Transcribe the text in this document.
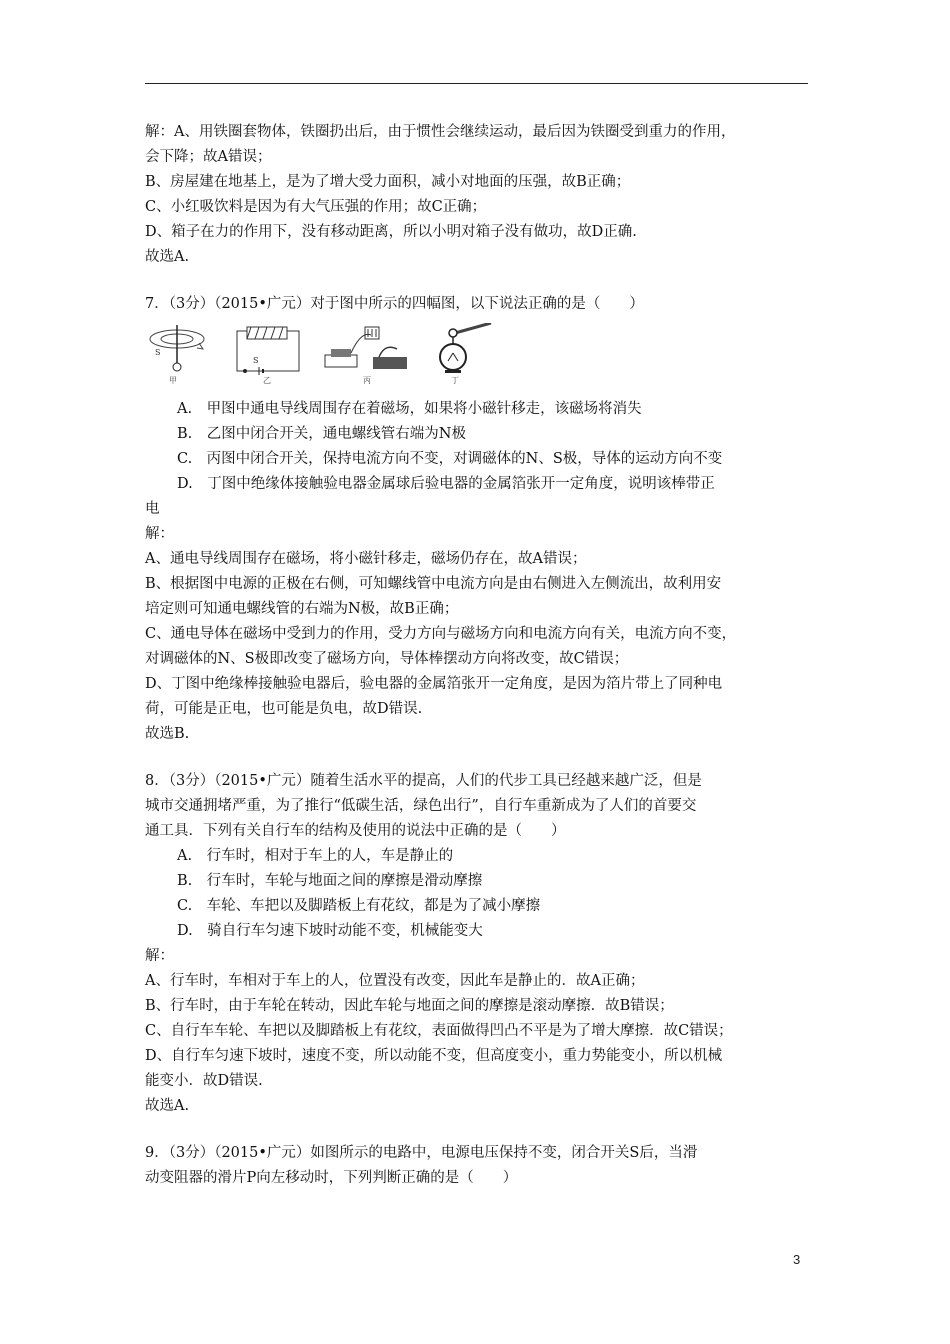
解：A、用铁圈套物体，铁圈扔出后，由于惯性会继续运动，最后因为铁圈受到重力的作用，
会下降；故A错误；
B、房屋建在地基上，是为了增大受力面积，减小对地面的压强，故B正确；
C、小红吸饮料是因为有大气压强的作用；故C正确；
D、箱子在力的作用下，没有移动距离，所以小明对箱子没有做功，故D正确.
故选A.
7．（3分）（2015•广元）对于图中所示的四幅图，以下说法正确的是（　　）
S
甲
S
乙	丙	丁
A.　甲图中通电导线周围存在着磁场，如果将小磁针移走，该磁场将消失
B.　乙图中闭合开关，通电螺线管右端为N极
C.　丙图中闭合开关，保持电流方向不变，对调磁体的N、S极，导体的运动方向不变
D.　丁图中绝缘体接触验电器金属球后验电器的金属箔张开一定角度，说明该棒带正
电
解：
A、通电导线周围存在磁场，将小磁针移走，磁场仍存在，故A错误；
B、根据图中电源的正极在右侧，可知螺线管中电流方向是由右侧进入左侧流出，故利用安
培定则可知通电螺线管的右端为N极，故B正确；
C、通电导体在磁场中受到力的作用，受力方向与磁场方向和电流方向有关，电流方向不变，
对调磁体的N、S极即改变了磁场方向，导体棒摆动方向将改变，故C错误；
D、丁图中绝缘棒接触验电器后，验电器的金属箔张开一定角度，是因为箔片带上了同种电
荷，可能是正电，也可能是负电，故D错误.
故选B.
8．（3分）（2015•广元）随着生活水平的提高，人们的代步工具已经越来越广泛，但是
城市交通拥堵严重，为了推行“低碳生活，绿色出行”，自行车重新成为了人们的首要交
通工具．下列有关自行车的结构及使用的说法中正确的是（　　）
A.　行车时，相对于车上的人，车是静止的
B.　行车时，车轮与地面之间的摩擦是滑动摩擦
C.　车轮、车把以及脚踏板上有花纹，都是为了减小摩擦
D.　骑自行车匀速下坡时动能不变，机械能变大
解：
A、行车时，车相对于车上的人，位置没有改变，因此车是静止的．故A正确；
B、行车时，由于车轮在转动，因此车轮与地面之间的摩擦是滚动摩擦．故B错误；
C、自行车车轮、车把以及脚踏板上有花纹，表面做得凹凸不平是为了增大摩擦．故C错误；
D、自行车匀速下坡时，速度不变，所以动能不变，但高度变小，重力势能变小，所以机械
能变小．故D错误.
故选A.
9．（3分）（2015•广元）如图所示的电路中，电源电压保持不变，闭合开关S后，当滑
动变阻器的滑片P向左移动时，下列判断正确的是（　　）
3
